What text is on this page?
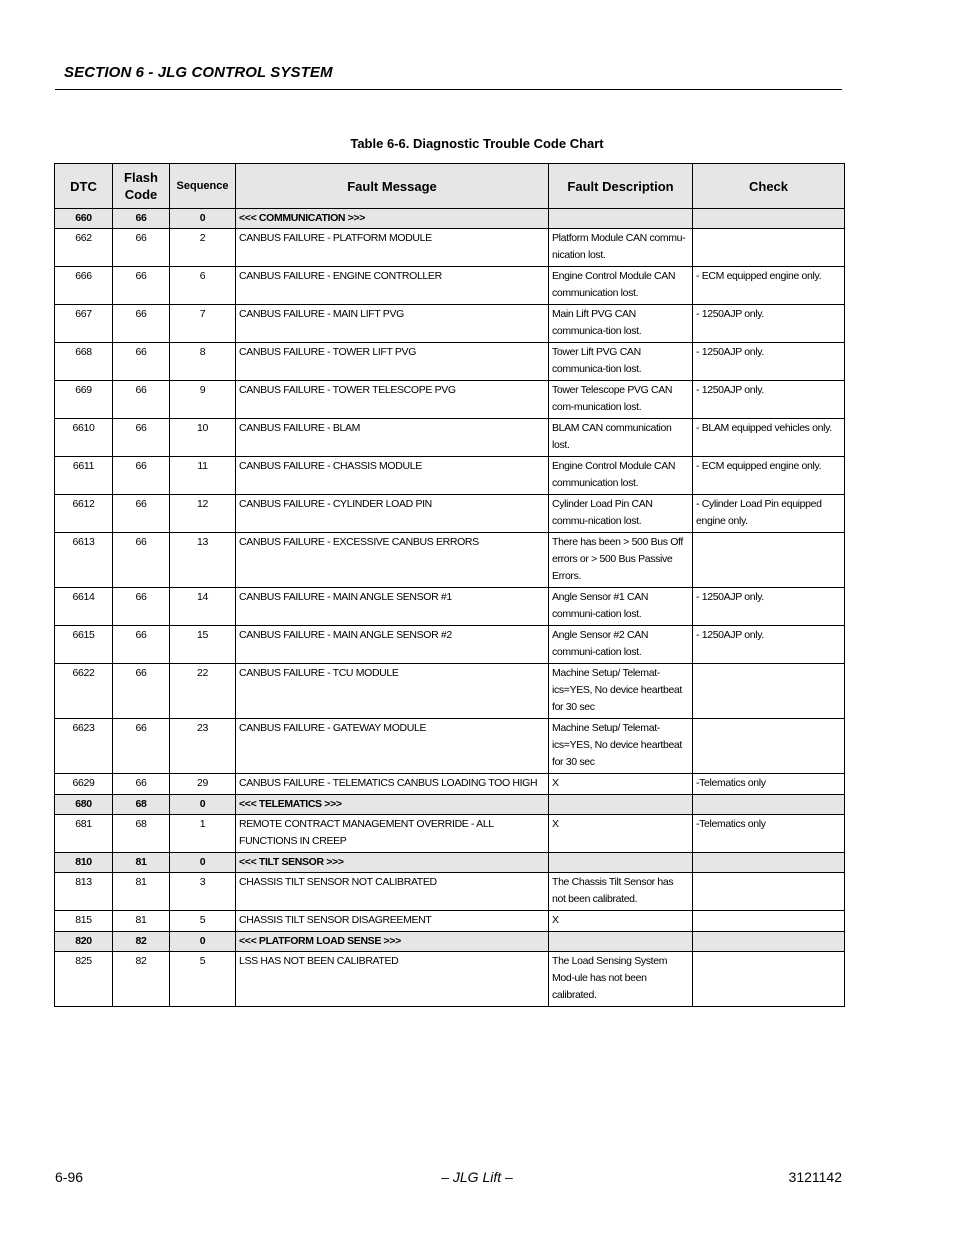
SECTION 6 - JLG CONTROL SYSTEM
Table 6-6. Diagnostic Trouble Code Chart
DTC	Flash Code	Sequence	Fault Message	Fault Description	Check
660	66	0	<<< COMMUNICATION >>>		
662	66	2	CANBUS FAILURE - PLATFORM MODULE	Platform Module CAN commu-nication lost.	
666	66	6	CANBUS FAILURE - ENGINE CONTROLLER	Engine Control Module CAN communication lost.	- ECM equipped engine only.
667	66	7	CANBUS FAILURE - MAIN LIFT PVG	Main Lift PVG CAN communica-tion lost.	- 1250AJP only.
668	66	8	CANBUS FAILURE - TOWER LIFT PVG	Tower Lift PVG CAN communica-tion lost.	- 1250AJP only.
669	66	9	CANBUS FAILURE - TOWER TELESCOPE PVG	Tower Telescope PVG CAN com-munication lost.	- 1250AJP only.
6610	66	10	CANBUS FAILURE - BLAM	BLAM CAN communication lost.	- BLAM equipped vehicles only.
6611	66	11	CANBUS FAILURE - CHASSIS MODULE	Engine Control Module CAN communication lost.	- ECM equipped engine only.
6612	66	12	CANBUS FAILURE - CYLINDER LOAD PIN	Cylinder Load Pin CAN commu-nication lost.	- Cylinder Load Pin equipped engine only.
6613	66	13	CANBUS FAILURE - EXCESSIVE CANBUS ERRORS	There has been > 500 Bus Off errors or > 500 Bus Passive Errors.	
6614	66	14	CANBUS FAILURE - MAIN ANGLE SENSOR #1	Angle Sensor #1 CAN communi-cation lost.	- 1250AJP only.
6615	66	15	CANBUS FAILURE - MAIN ANGLE SENSOR #2	Angle Sensor #2 CAN communi-cation lost.	- 1250AJP only.
6622	66	22	CANBUS FAILURE - TCU MODULE	Machine Setup/ Telemat-ics=YES, No device heartbeat for 30 sec	
6623	66	23	CANBUS FAILURE - GATEWAY MODULE	Machine Setup/ Telemat-ics=YES, No device heartbeat for 30 sec	
6629	66	29	CANBUS FAILURE - TELEMATICS CANBUS LOADING TOO HIGH	X	-Telematics only
680	68	0	<<< TELEMATICS >>>		
681	68	1	REMOTE CONTRACT MANAGEMENT OVERRIDE - ALL FUNCTIONS IN CREEP	X	-Telematics only
810	81	0	<<< TILT SENSOR >>>		
813	81	3	CHASSIS TILT SENSOR NOT CALIBRATED	The Chassis Tilt Sensor has not been calibrated.	
815	81	5	CHASSIS TILT SENSOR DISAGREEMENT	X	
820	82	0	<<< PLATFORM LOAD SENSE >>>		
825	82	5	LSS HAS NOT BEEN CALIBRATED	The Load Sensing System Mod-ule has not been calibrated.	
6-96	– JLG Lift –	3121142
